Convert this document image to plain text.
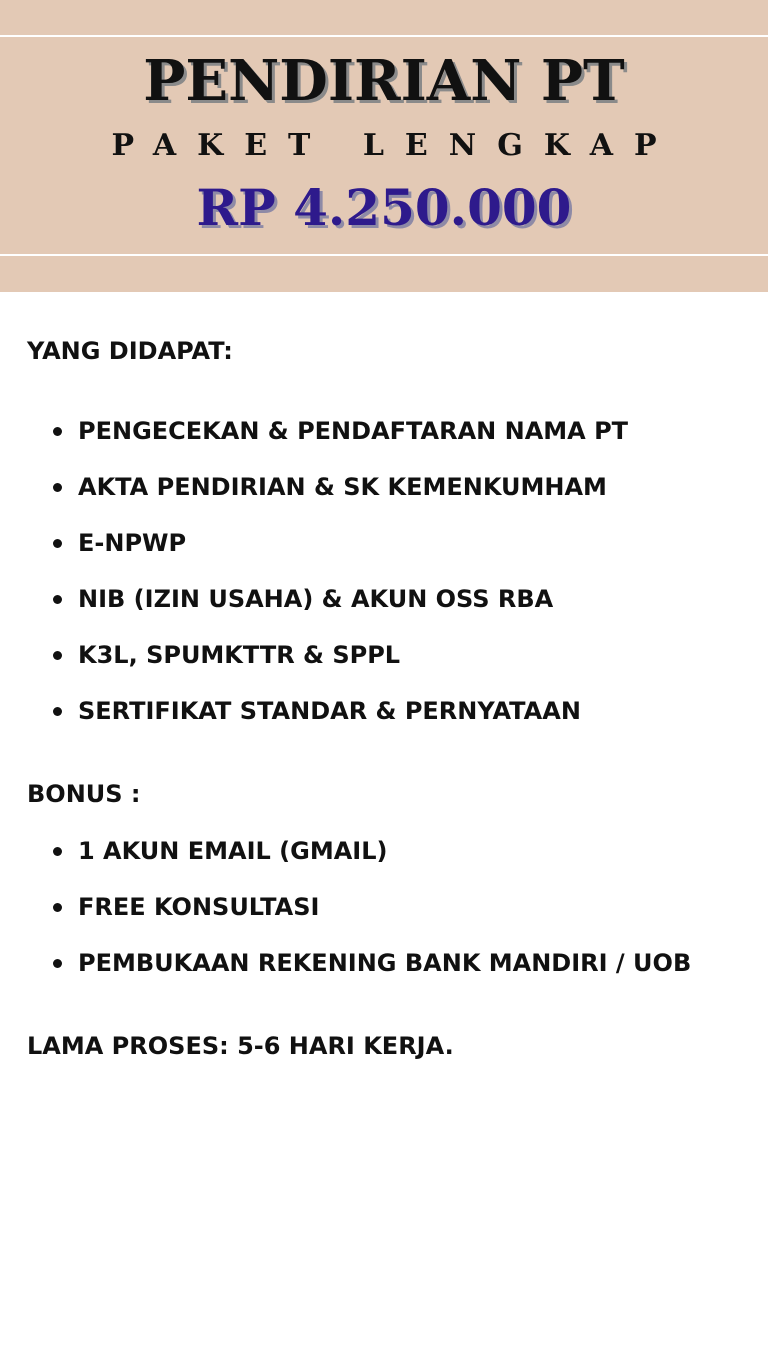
PENDIRIAN PT
PAKET LENGKAP
RP 4.250.000
YANG DIDAPAT:
PENGECEKAN & PENDAFTARAN NAMA PT
AKTA PENDIRIAN & SK KEMENKUMHAM
E-NPWP
NIB (IZIN USAHA) & AKUN OSS RBA
K3L, SPUMKTTR & SPPL
SERTIFIKAT STANDAR & PERNYATAAN
BONUS :
1 AKUN EMAIL (GMAIL)
FREE KONSULTASI
PEMBUKAAN REKENING BANK MANDIRI / UOB
LAMA PROSES: 5-6 HARI KERJA.
